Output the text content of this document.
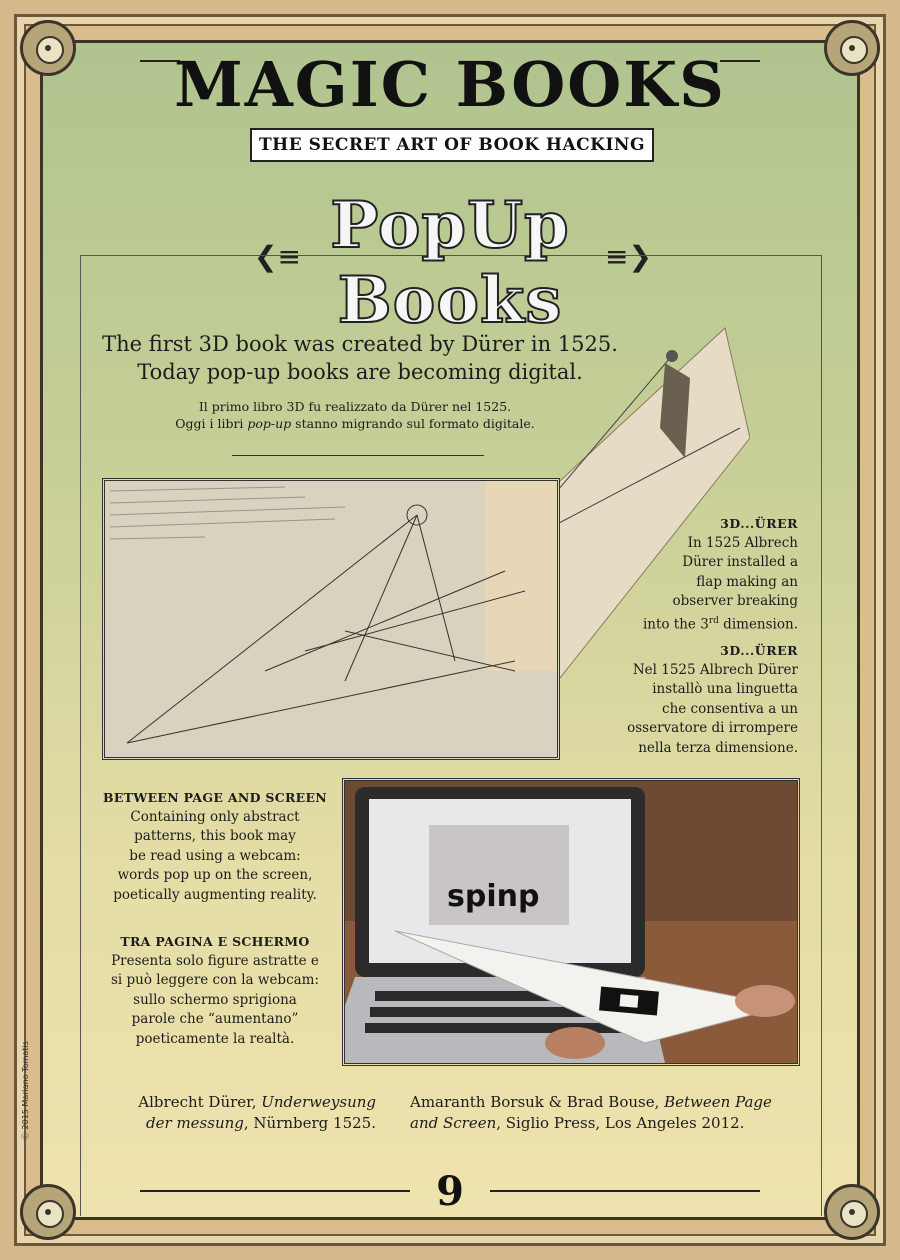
MAGIC BOOKS
THE SECRET ART OF BOOK HACKING
❮≡	≡❯
PopUp Books
The first 3D book was created by Dürer in 1525.
Today pop-up books are becoming digital.
Il primo libro 3D fu realizzato da Dürer nel 1525.
Oggi i libri pop-up stanno migrando sul formato digitale.
3D...ÜRER
In 1525 Albrech
Dürer installed a
flap making an
observer breaking
into the 3rd dimension.
3D...ÜRER
Nel 1525 Albrech Dürer
installò una linguetta
che consentiva a un
osservatore di irrompere
nella terza dimensione.
BETWEEN PAGE AND SCREEN
Containing only abstract
patterns, this book may
be read using a webcam:
words pop up on the screen,
poetically augmenting reality.
TRA PAGINA E SCHERMO
Presenta solo figure astratte e
si può leggere con la webcam:
sullo schermo sprigiona
parole che “aumentano”
poeticamente la realtà.
spinp
Albrecht Dürer, Underweysung
der messung, Nürnberg 1525.
Amaranth Borsuk & Brad Bouse, Between Page
and Screen, Siglio Press, Los Angeles 2012.
9
Ⓒ 2015 Mariano Tomatis
